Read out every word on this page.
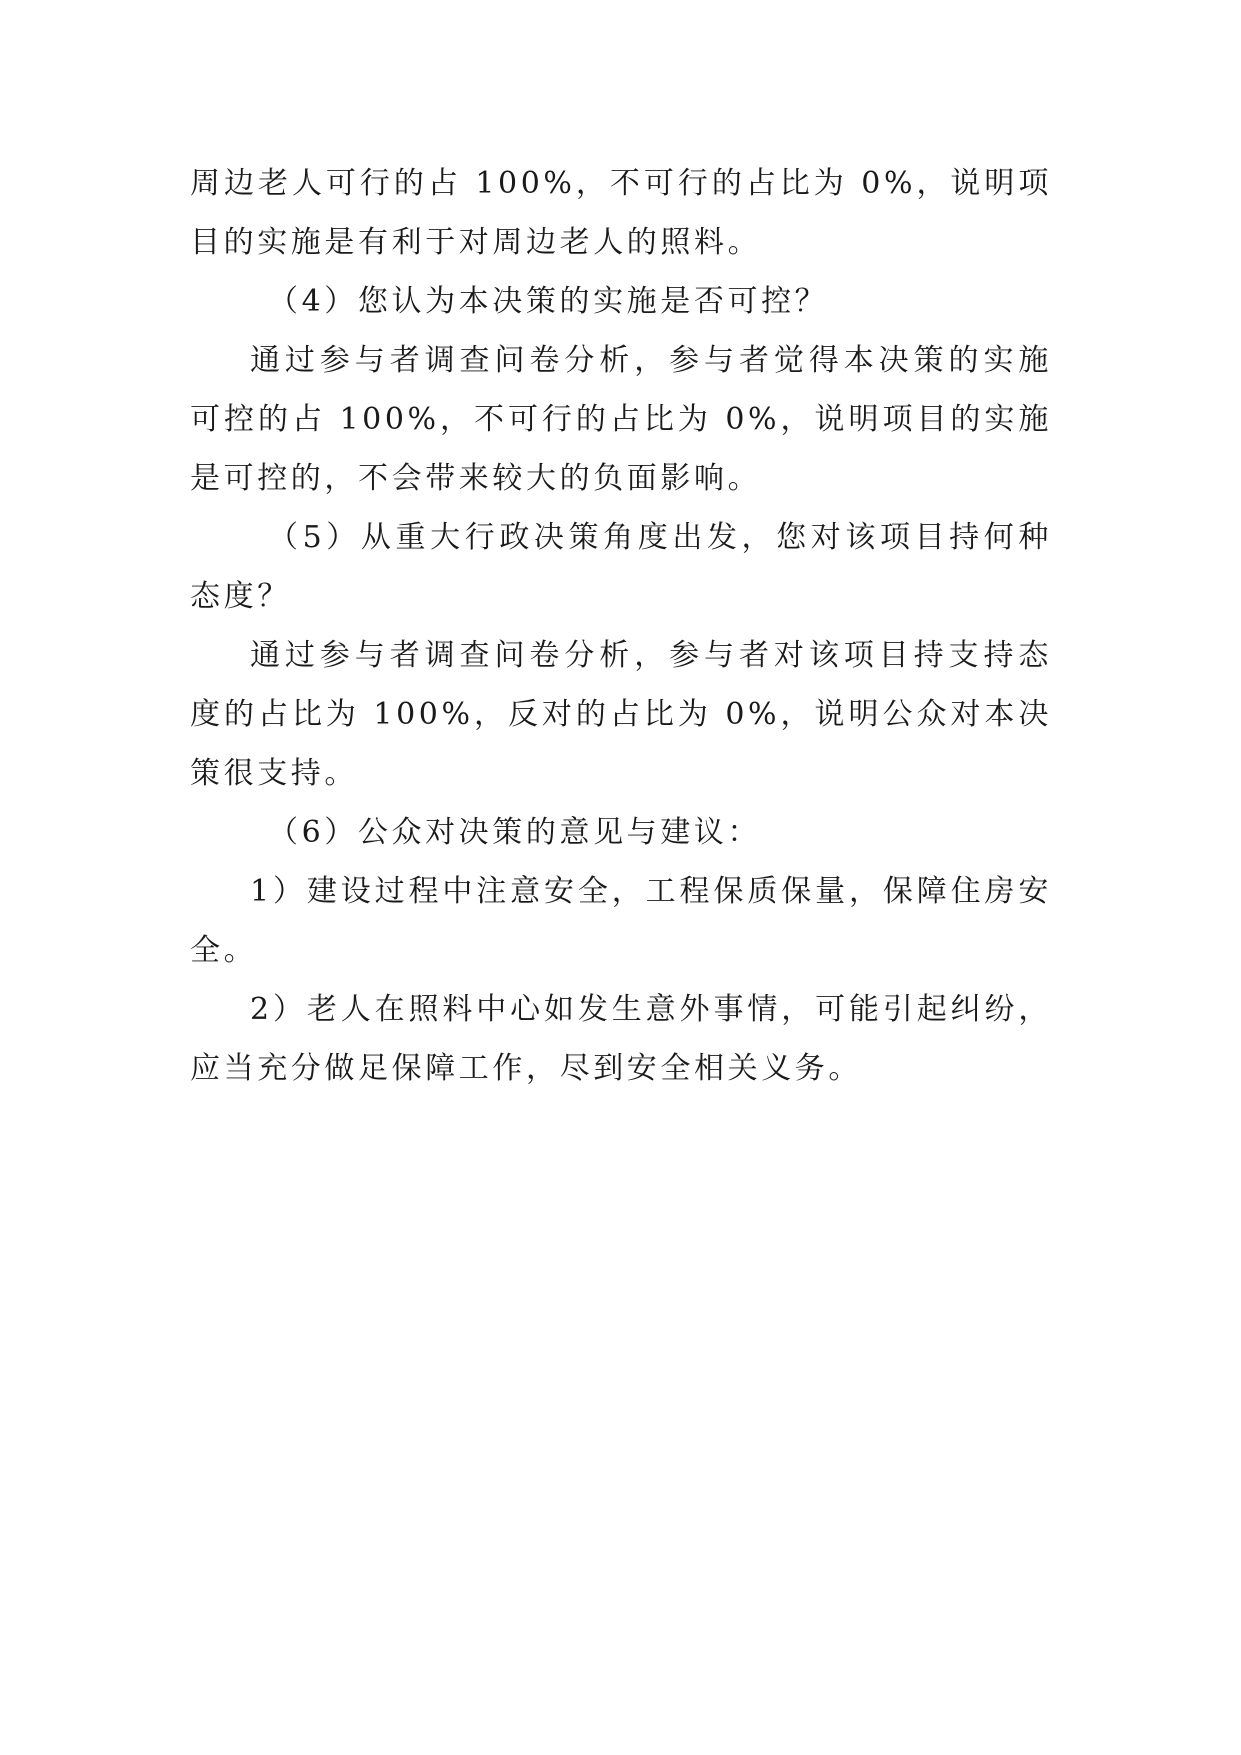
周边老人可行的占 100%，不可行的占比为 0%，说明项目的实施是有利于对周边老人的照料。

（4）您认为本决策的实施是否可控？

通过参与者调查问卷分析，参与者觉得本决策的实施可控的占 100%，不可行的占比为 0%，说明项目的实施是可控的，不会带来较大的负面影响。

（5）从重大行政决策角度出发，您对该项目持何种态度？

通过参与者调查问卷分析，参与者对该项目持支持态度的占比为 100%，反对的占比为 0%，说明公众对本决策很支持。

（6）公众对决策的意见与建议：

1）建设过程中注意安全，工程保质保量，保障住房安全。

2）老人在照料中心如发生意外事情，可能引起纠纷，应当充分做足保障工作，尽到安全相关义务。
